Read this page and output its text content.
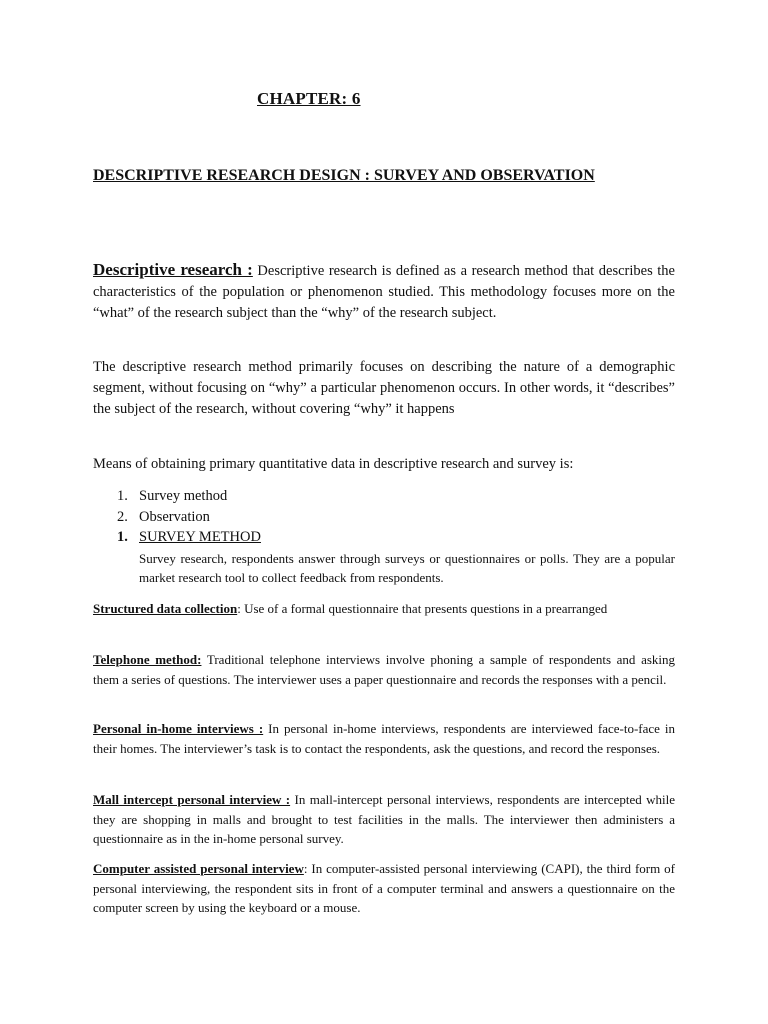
CHAPTER: 6
DESCRIPTIVE RESEARCH DESIGN : SURVEY AND OBSERVATION

Descriptive research : Descriptive research is defined as a research method that describes the characteristics of the population or phenomenon studied. This methodology focuses more on the “what” of the research subject than the “why” of the research subject.

The descriptive research method primarily focuses on describing the nature of a demographic segment, without focusing on “why” a particular phenomenon occurs. In other words, it “describes” the subject of the research, without covering “why” it happens

Means of obtaining primary quantitative data in descriptive research and survey is:

1. Survey method
2. Observation
1. SURVEY METHOD
Survey research, respondents answer through surveys or questionnaires or polls. They are a popular market research tool to collect feedback from respondents.

Structured data collection: Use of a formal questionnaire that presents questions in a prearranged

Telephone method: Traditional telephone interviews involve phoning a sample of respondents and asking them a series of questions. The interviewer uses a paper questionnaire and records the responses with a pencil.

Personal in-home interviews : In personal in-home interviews, respondents are interviewed face-to-face in their homes. The interviewer’s task is to contact the respondents, ask the questions, and record the responses.

Mall intercept personal interview : In mall-intercept personal interviews, respondents are intercepted while they are shopping in malls and brought to test facilities in the malls. The interviewer then administers a questionnaire as in the in-home personal survey.

Computer assisted personal interview: In computer-assisted personal interviewing (CAPI), the third form of personal interviewing, the respondent sits in front of a computer terminal and answers a questionnaire on the computer screen by using the keyboard or a mouse.
